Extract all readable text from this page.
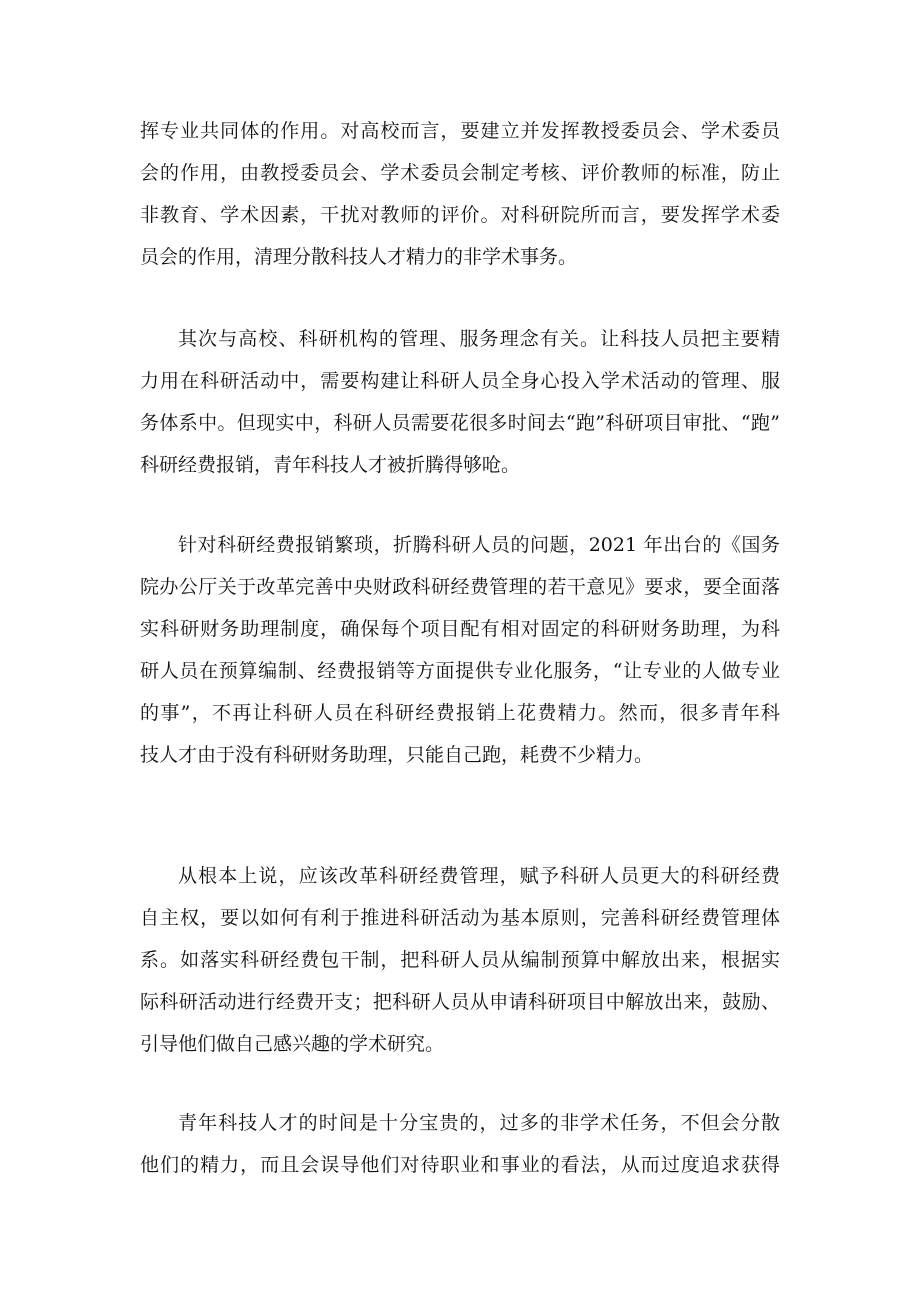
挥专业共同体的作用。对高校而言，要建立并发挥教授委员会、学术委员
会的作用，由教授委员会、学术委员会制定考核、评价教师的标准，防止
非教育、学术因素，干扰对教师的评价。对科研院所而言，要发挥学术委
员会的作用，清理分散科技人才精力的非学术事务。

其次与高校、科研机构的管理、服务理念有关。让科技人员把主要精
力用在科研活动中，需要构建让科研人员全身心投入学术活动的管理、服
务体系中。但现实中，科研人员需要花很多时间去“跑”科研项目审批、“跑”
科研经费报销，青年科技人才被折腾得够呛。

针对科研经费报销繁琐，折腾科研人员的问题，2021 年出台的《国务
院办公厅关于改革完善中央财政科研经费管理的若干意见》要求，要全面落
实科研财务助理制度，确保每个项目配有相对固定的科研财务助理，为科
研人员在预算编制、经费报销等方面提供专业化服务，“让专业的人做专业
的事”，不再让科研人员在科研经费报销上花费精力。然而，很多青年科
技人才由于没有科研财务助理，只能自己跑，耗费不少精力。

从根本上说，应该改革科研经费管理，赋予科研人员更大的科研经费
自主权，要以如何有利于推进科研活动为基本原则，完善科研经费管理体
系。如落实科研经费包干制，把科研人员从编制预算中解放出来，根据实
际科研活动进行经费开支；把科研人员从申请科研项目中解放出来，鼓励、
引导他们做自己感兴趣的学术研究。

青年科技人才的时间是十分宝贵的，过多的非学术任务，不但会分散
他们的精力，而且会误导他们对待职业和事业的看法，从而过度追求获得
